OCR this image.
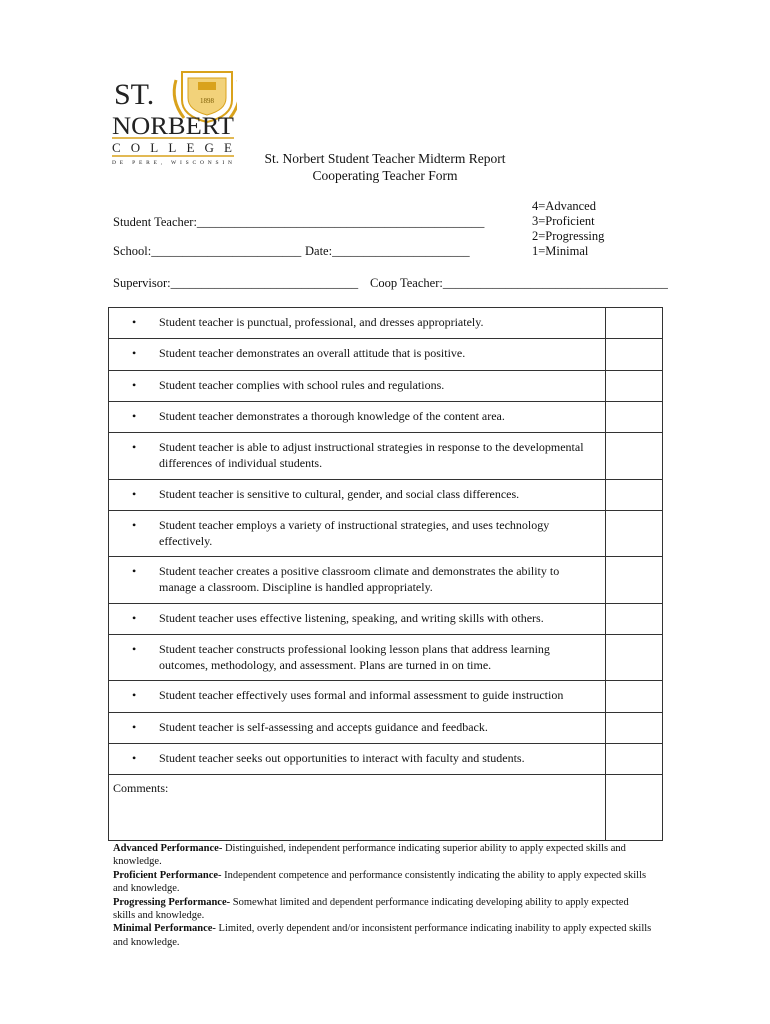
1898
ST.
NORBERT
COLLEGE
DE PERE, WISCONSIN	St. Norbert Student Teacher Midterm Report
Cooperating Teacher Form
4=Advanced
3=Proficient
2=Progressing
1=Minimal
Student Teacher:______________________________________________
School:________________________ Date:______________________
Supervisor:______________________________ Coop Teacher:____________________________________
• Student teacher is punctual, professional, and dresses appropriately.	

• Student teacher demonstrates an overall attitude that is positive.	

• Student teacher complies with school rules and regulations.	

• Student teacher demonstrates a thorough knowledge of the content area.	

• Student teacher is able to adjust instructional strategies in response to the developmental differences of individual students.	

• Student teacher is sensitive to cultural, gender, and social class differences.	

• Student teacher employs a variety of instructional strategies, and uses technology effectively.	

• Student teacher creates a positive classroom climate and demonstrates the ability to manage a classroom. Discipline is handled appropriately.	

• Student teacher uses effective listening, speaking, and writing skills with others.	

• Student teacher constructs professional looking lesson plans that address learning outcomes, methodology, and assessment. Plans are turned in on time.	

• Student teacher effectively uses formal and informal assessment to guide instruction	

• Student teacher is self-assessing and accepts guidance and feedback.	

• Student teacher seeks out opportunities to interact with faculty and students.	

Comments:	

Advanced Performance- Distinguished, independent performance indicating superior ability to apply expected skills and knowledge.

Proficient Performance- Independent competence and performance consistently indicating the ability to apply expected skills and knowledge.

Progressing Performance- Somewhat limited and dependent performance indicating developing ability to apply expected skills and knowledge.

Minimal Performance- Limited, overly dependent and/or inconsistent performance indicating inability to apply expected skills and knowledge.
